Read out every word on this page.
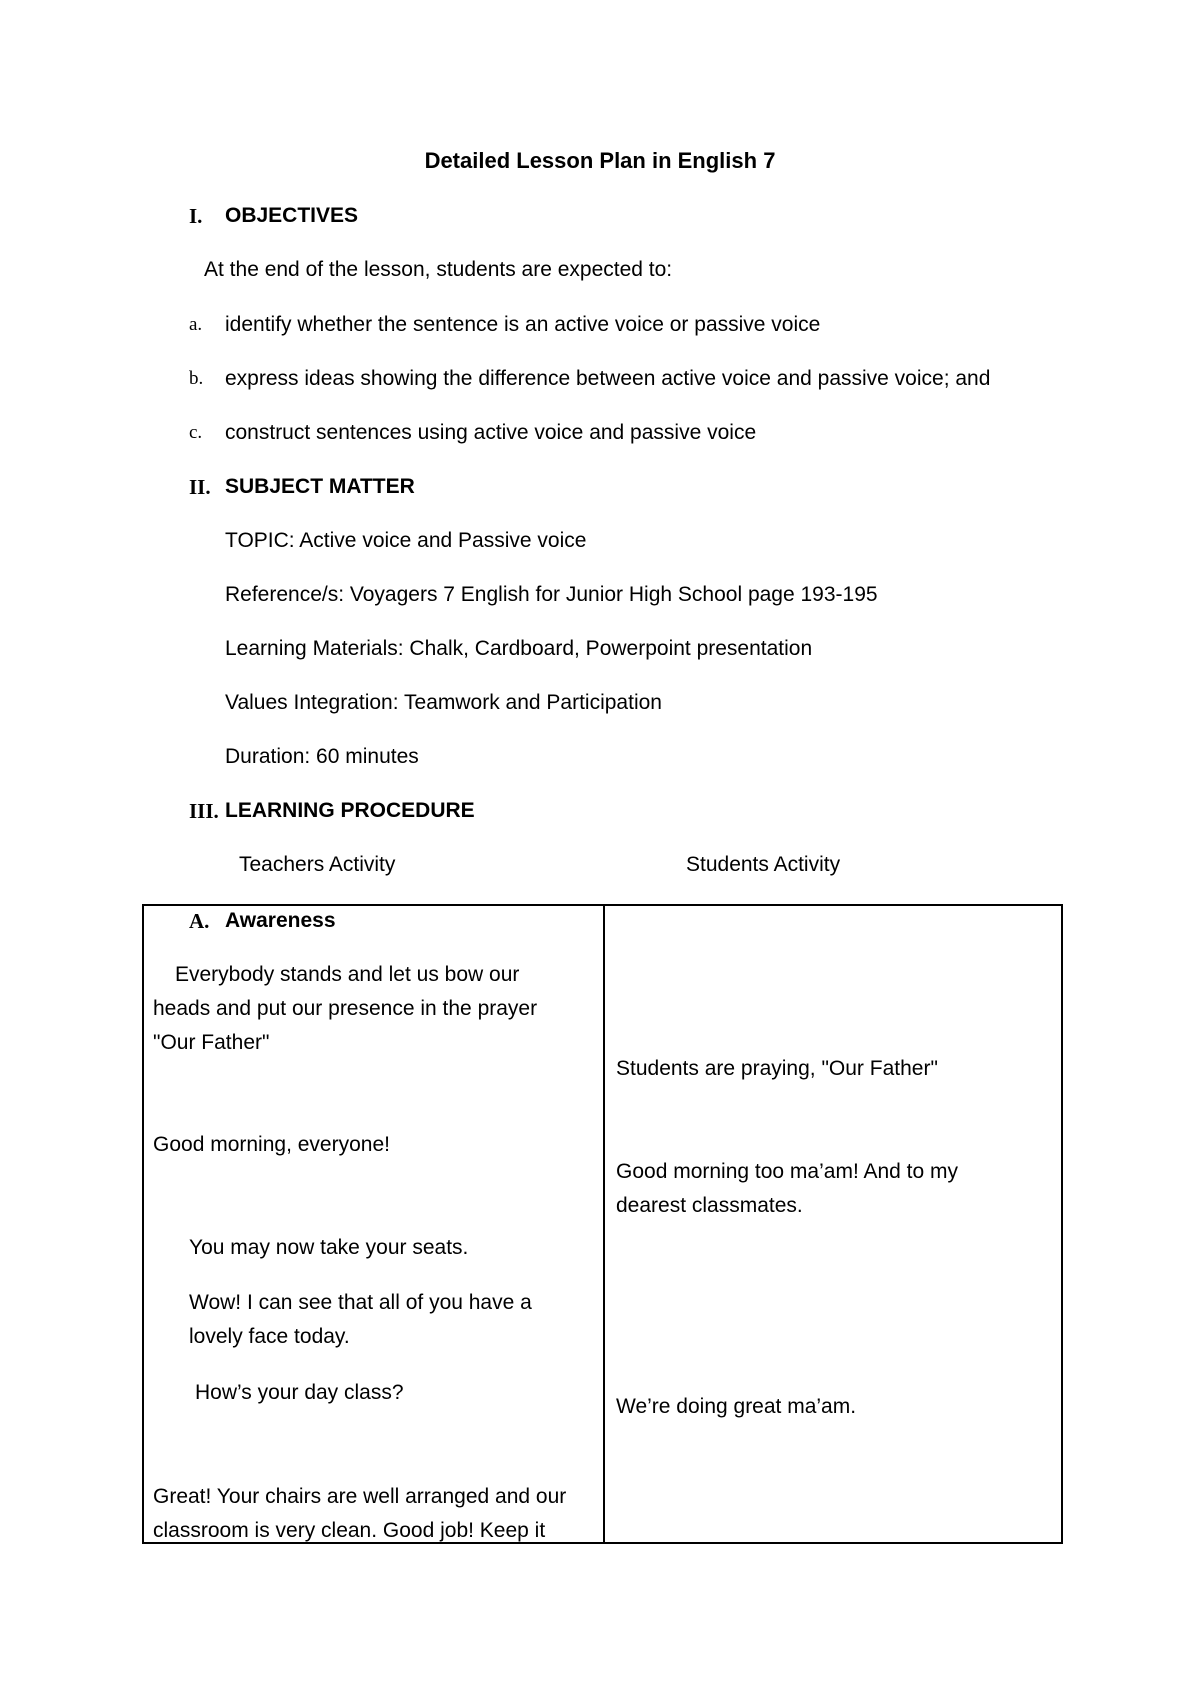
Detailed Lesson Plan in English 7
I. OBJECTIVES
At the end of the lesson, students are expected to:
a. identify whether the sentence is an active voice or passive voice
b. express ideas showing the difference between active voice and passive voice; and
c. construct sentences using active voice and passive voice
II. SUBJECT MATTER
TOPIC: Active voice and Passive voice
Reference/s: Voyagers 7 English for Junior High School page 193-195
Learning Materials: Chalk, Cardboard, Powerpoint presentation
Values Integration: Teamwork and Participation
Duration: 60 minutes
III. LEARNING PROCEDURE
Teachers Activity	Students Activity
A. Awareness
Everybody stands and let us bow our
heads and put our presence in the prayer
"Our Father"
Good morning, everyone!
You may now take your seats.
Wow! I can see that all of you have a
lovely face today.
How’s your day class?
Great! Your chairs are well arranged and our
classroom is very clean. Good job! Keep it
Students are praying, "Our Father"
Good morning too ma’am! And to my
dearest classmates.
We’re doing great ma’am.
